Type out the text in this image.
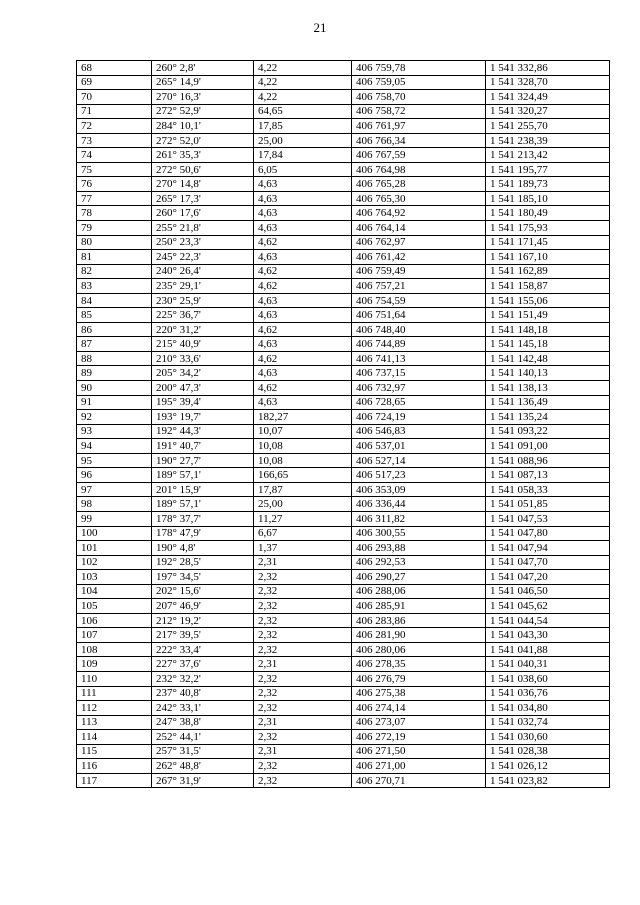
21
68	260° 2,8'	4,22	406 759,78	1 541 332,86
69	265° 14,9'	4,22	406 759,05	1 541 328,70
70	270° 16,3'	4,22	406 758,70	1 541 324,49
71	272° 52,9'	64,65	406 758,72	1 541 320,27
72	284° 10,1'	17,85	406 761,97	1 541 255,70
73	272° 52,0'	25,00	406 766,34	1 541 238,39
74	261° 35,3'	17,84	406 767,59	1 541 213,42
75	272° 50,6'	6,05	406 764,98	1 541 195,77
76	270° 14,8'	4,63	406 765,28	1 541 189,73
77	265° 17,3'	4,63	406 765,30	1 541 185,10
78	260° 17,6'	4,63	406 764,92	1 541 180,49
79	255° 21,8'	4,63	406 764,14	1 541 175,93
80	250° 23,3'	4,62	406 762,97	1 541 171,45
81	245° 22,3'	4,63	406 761,42	1 541 167,10
82	240° 26,4'	4,62	406 759,49	1 541 162,89
83	235° 29,1'	4,62	406 757,21	1 541 158,87
84	230° 25,9'	4,63	406 754,59	1 541 155,06
85	225° 36,7'	4,63	406 751,64	1 541 151,49
86	220° 31,2'	4,62	406 748,40	1 541 148,18
87	215° 40,9'	4,63	406 744,89	1 541 145,18
88	210° 33,6'	4,62	406 741,13	1 541 142,48
89	205° 34,2'	4,63	406 737,15	1 541 140,13
90	200° 47,3'	4,62	406 732,97	1 541 138,13
91	195° 39,4'	4,63	406 728,65	1 541 136,49
92	193° 19,7'	182,27	406 724,19	1 541 135,24
93	192° 44,3'	10,07	406 546,83	1 541 093,22
94	191° 40,7'	10,08	406 537,01	1 541 091,00
95	190° 27,7'	10,08	406 527,14	1 541 088,96
96	189° 57,1'	166,65	406 517,23	1 541 087,13
97	201° 15,9'	17,87	406 353,09	1 541 058,33
98	189° 57,1'	25,00	406 336,44	1 541 051,85
99	178° 37,7'	11,27	406 311,82	1 541 047,53
100	178° 47,9'	6,67	406 300,55	1 541 047,80
101	190° 4,8'	1,37	406 293,88	1 541 047,94
102	192° 28,5'	2,31	406 292,53	1 541 047,70
103	197° 34,5'	2,32	406 290,27	1 541 047,20
104	202° 15,6'	2,32	406 288,06	1 541 046,50
105	207° 46,9'	2,32	406 285,91	1 541 045,62
106	212° 19,2'	2,32	406 283,86	1 541 044,54
107	217° 39,5'	2,32	406 281,90	1 541 043,30
108	222° 33,4'	2,32	406 280,06	1 541 041,88
109	227° 37,6'	2,31	406 278,35	1 541 040,31
110	232° 32,2'	2,32	406 276,79	1 541 038,60
111	237° 40,8'	2,32	406 275,38	1 541 036,76
112	242° 33,1'	2,32	406 274,14	1 541 034,80
113	247° 38,8'	2,31	406 273,07	1 541 032,74
114	252° 44,1'	2,32	406 272,19	1 541 030,60
115	257° 31,5'	2,31	406 271,50	1 541 028,38
116	262° 48,8'	2,32	406 271,00	1 541 026,12
117	267° 31,9'	2,32	406 270,71	1 541 023,82
